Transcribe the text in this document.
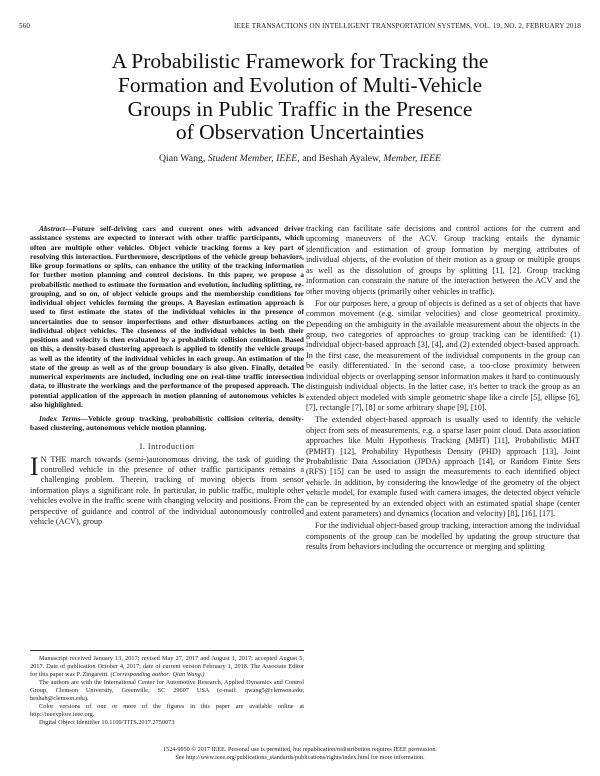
560	IEEE TRANSACTIONS ON INTELLIGENT TRANSPORTATION SYSTEMS, VOL. 19, NO. 2, FEBRUARY 2018
A Probabilistic Framework for Tracking the
Formation and Evolution of Multi-Vehicle
Groups in Public Traffic in the Presence
of Observation Uncertainties
Qian Wang, Student Member, IEEE, and Beshah Ayalew, Member, IEEE

Abstract—Future self-driving cars and current ones with advanced driver assistance systems are expected to interact with other traffic participants, which often are multiple other vehicles. Object vehicle tracking forms a key part of resolving this interaction. Furthermore, descriptions of the vehicle group behaviors, like group formations or splits, can enhance the utility of the tracking information for further motion planning and control decisions. In this paper, we propose a probabilistic method to estimate the formation and evolution, including splitting, re-grouping, and so on, of object vehicle groups and the membership conditions for individual object vehicles forming the groups. A Bayesian estimation approach is used to first estimate the states of the individual vehicles in the presence of uncertainties due to sensor imperfections and other disturbances acting on the individual object vehicles. The closeness of the individual vehicles in both their positions and velocity is then evaluated by a probabilistic collision condition. Based on this, a density-based clustering approach is applied to identify the vehicle groups as well as the identity of the individual vehicles in each group. An estimation of the state of the group as well as of the group boundary is also given. Finally, detailed numerical experiments are included, including one on real-time traffic intersection data, to illustrate the workings and the performance of the proposed approach. The potential application of the approach in motion planning of autonomous vehicles is also highlighted.

Index Terms—Vehicle group tracking, probabilistic collision criteria, density-based clustering, autonomous vehicle motion planning.

I. Introduction

I N THE march towards (semi-)autonomous driving, the task of guiding the controlled vehicle in the presence of other traffic participants remains a challenging problem. Therein, tracking of moving objects from sensor information plays a significant role. In particular, in public traffic, multiple other vehicles evolve in the traffic scene with changing velocity and positions. From the perspective of guidance and control of the individual autonomously controlled vehicle (ACV), group

Manuscript received January 13, 2017; revised May 27, 2017 and August 1, 2017; accepted August 5, 2017. Date of publication October 4, 2017; date of current version February 1, 2018. The Associate Editor for this paper was P. Zingaretti. (Corresponding author: Qian Wang.)

The authors are with the International Center for Automotive Research, Applied Dynamics and Control Group, Clemson University, Greenville, SC 29607 USA (e-mail: qwang5@clemson.edu; beshah@clemson.edu).

Color versions of one or more of the figures in this paper are available online at http://ieeexplore.ieee.org.

Digital Object Identifier 10.1109/TITS.2017.2750073

tracking can facilitate safe decisions and control actions for the current and upcoming maneuvers of the ACV. Group tracking entails the dynamic identification and estimation of group formation by merging attributes of individual objects, of the evolution of their motion as a group or multiple groups as well as the dissolution of groups by splitting [1], [2]. Group tracking information can constrain the nature of the interaction between the ACV and the other moving objects (primarily other vehicles in traffic).

For our purposes here, a group of objects is defined as a set of objects that have common movement (e.g. similar velocities) and close geometrical proximity. Depending on the ambiguity in the available measurement about the objects in the group, two categories of approaches to group tracking can be identified: (1) individual object-based approach [3], [4], and (2) extended object-based approach. In the first case, the measurement of the individual components in the group can be easily differentiated. In the second case, a too-close proximity between individual objects or overlapping sensor information makes it hard to continuously distinguish individual objects. In the latter case, it's better to track the group as an extended object modeled with simple geometric shape like a circle [5], ellipse [6], [7], rectangle [7], [8] or some arbitrary shape [9], [10].

The extended object-based approach is usually used to identify the vehicle object from sets of measurements, e.g. a sparse laser point cloud. Data association approaches like Multi Hypothesis Tracking (MHT) [11], Probabilistic MHT (PMHT) [12], Probability Hypothesis Density (PHD) approach [13], Joint Probabilistic Data Association (JPDA) approach [14], or Random Finite Sets (RFS) [15] can be used to assign the measurements to each identified object vehicle. In addition, by considering the knowledge of the geometry of the object vehicle model, for example fused with camera images, the detected object vehicle can be represented by an extended object with an estimated spatial shape (center and extent parameters) and dynamics (location and velocity) [8], [16], [17].

For the individual object-based group tracking, interaction among the individual components of the group can be modelled by updating the group structure that results from behaviors including the occurrence or merging and splitting

1524-9050 © 2017 IEEE. Personal use is permitted, but republication/redistribution requires IEEE permission.
See http://www.ieee.org/publications_standards/publications/rights/index.html for more information.
